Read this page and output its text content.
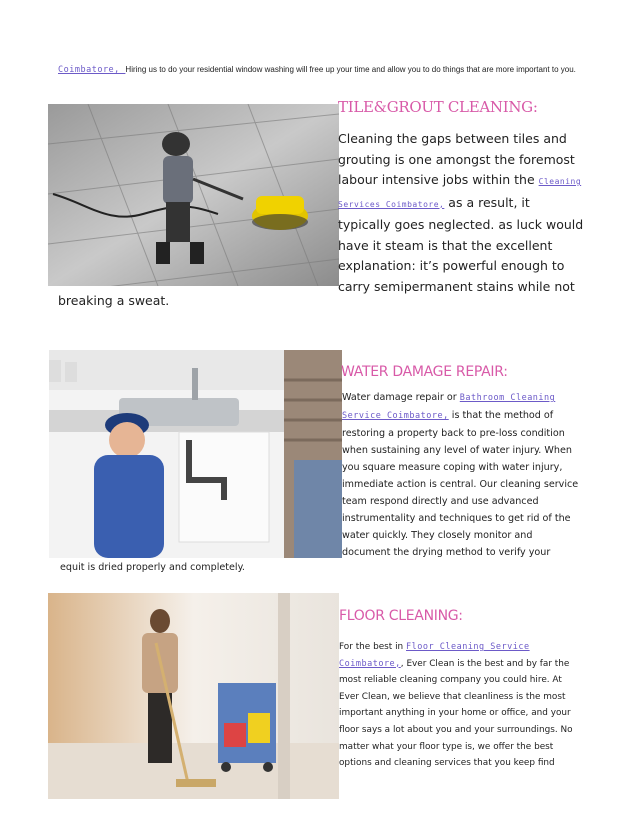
Coimbatore, Hiring us to do your residential window washing will free up your time and allow you to do things that are more important to you.
TILE&GROUT CLEANING:
Cleaning the gaps between tiles and grouting is one amongst the foremost labour intensive jobs within the Cleaning Services Coimbatore, as a result, it typically goes neglected. as luck would have it steam is that the excellent explanation: it’s powerful enough to carry semipermanent stains while not
breaking a sweat.
WATER DAMAGE REPAIR:
Water damage repair or Bathroom Cleaning Service Coimbatore, is that the method of restoring a property back to pre-loss condition when sustaining any level of water injury. When you square measure coping with water injury, immediate action is central. Our cleaning service team respond directly and use advanced instrumentality and techniques to get rid of the water quickly. They closely monitor and document the drying method to verify your
equit is dried properly and completely.
FLOOR CLEANING:
For the best in Floor Cleaning Service Coimbatore,, Ever Clean is the best and by far the most reliable cleaning company you could hire. At Ever Clean, we believe that cleanliness is the most important anything in your home or office, and your floor says a lot about you and your surroundings. No matter what your floor type is, we offer the best options and cleaning services that you keep find
